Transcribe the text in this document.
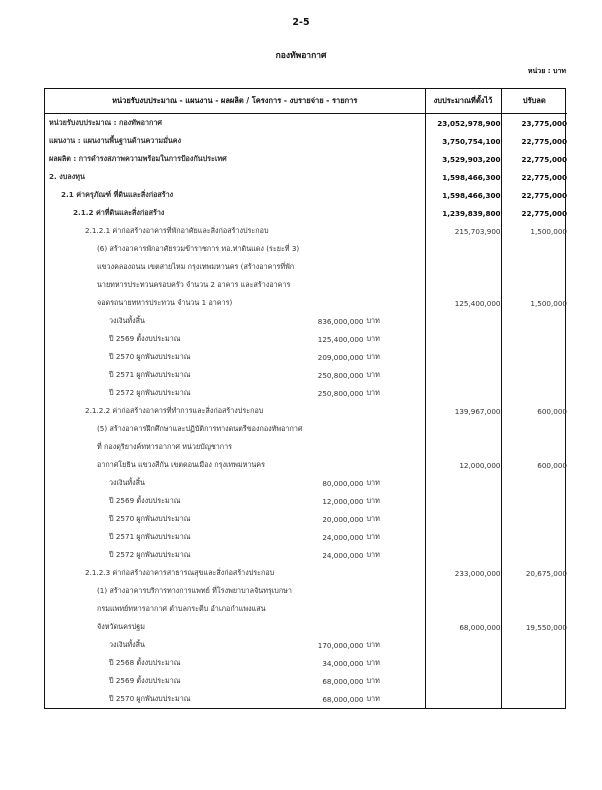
2-5
กองทัพอากาศ
หน่วย : บาท
หน่วยรับงบประมาณ - แผนงาน - ผลผลิต / โครงการ - งบรายจ่าย - รายการ	งบประมาณที่ตั้งไว้	ปรับลด
หน่วยรับงบประมาณ : กองทัพอากาศ	23,052,978,900	23,775,000
แผนงาน : แผนงานพื้นฐานด้านความมั่นคง	3,750,754,100	22,775,000
ผลผลิต : การดำรงสภาพความพร้อมในการป้องกันประเทศ	3,529,903,200	22,775,000
2. งบลงทุน	1,598,466,300	22,775,000
2.1 ค่าครุภัณฑ์ ที่ดินและสิ่งก่อสร้าง	1,598,466,300	22,775,000
2.1.2 ค่าที่ดินและสิ่งก่อสร้าง	1,239,839,800	22,775,000
2.1.2.1 ค่าก่อสร้างอาคารที่พักอาศัยและสิ่งก่อสร้างประกอบ	215,703,900	1,500,000
(6) สร้างอาคารพักอาศัยรวมข้าราชการ ทอ.ท่าดินแดง (ระยะที่ 3)		
แขวงคลองถนน เขตสายไหม กรุงเทพมหานคร (สร้างอาคารที่พัก		
นายทหารประทวนครอบครัว จำนวน 2 อาคาร และสร้างอาคาร		
จอดรถนายทหารประทวน จำนวน 1 อาคาร)	125,400,000	1,500,000

วงเงินทั้งสิ้น 836,000,000 บาท		

ปี 2569 ตั้งงบประมาณ 125,400,000 บาท		

ปี 2570 ผูกพันงบประมาณ 209,000,000 บาท		

ปี 2571 ผูกพันงบประมาณ 250,800,000 บาท		

ปี 2572 ผูกพันงบประมาณ 250,800,000 บาท		

2.1.2.2 ค่าก่อสร้างอาคารที่ทำการและสิ่งก่อสร้างประกอบ	139,967,000	600,000
(5) สร้างอาคารฝึกศึกษาและปฏิบัติการทางดนตรีของกองทัพอากาศ		
ที่ กองดุริยางค์ทหารอากาศ หน่วยบัญชาการ		
อากาศโยธิน แขวงสีกัน เขตดอนเมือง กรุงเทพมหานคร	12,000,000	600,000

วงเงินทั้งสิ้น 80,000,000 บาท		

ปี 2569 ตั้งงบประมาณ 12,000,000 บาท		

ปี 2570 ผูกพันงบประมาณ 20,000,000 บาท		

ปี 2571 ผูกพันงบประมาณ 24,000,000 บาท		

ปี 2572 ผูกพันงบประมาณ 24,000,000 บาท		

2.1.2.3 ค่าก่อสร้างอาคารสาธารณสุขและสิ่งก่อสร้างประกอบ	233,000,000	20,675,000
(1) สร้างอาคารบริการทางการแพทย์ ที่โรงพยาบาลจันทรุเบกษา		
กรมแพทย์ทหารอากาศ ตำบลกระตีบ อำเภอกำแพงแสน		
จังหวัดนครปฐม	68,000,000	19,550,000

วงเงินทั้งสิ้น 170,000,000 บาท		

ปี 2568 ตั้งงบประมาณ 34,000,000 บาท		

ปี 2569 ตั้งงบประมาณ 68,000,000 บาท		

ปี 2570 ผูกพันงบประมาณ 68,000,000 บาท		
